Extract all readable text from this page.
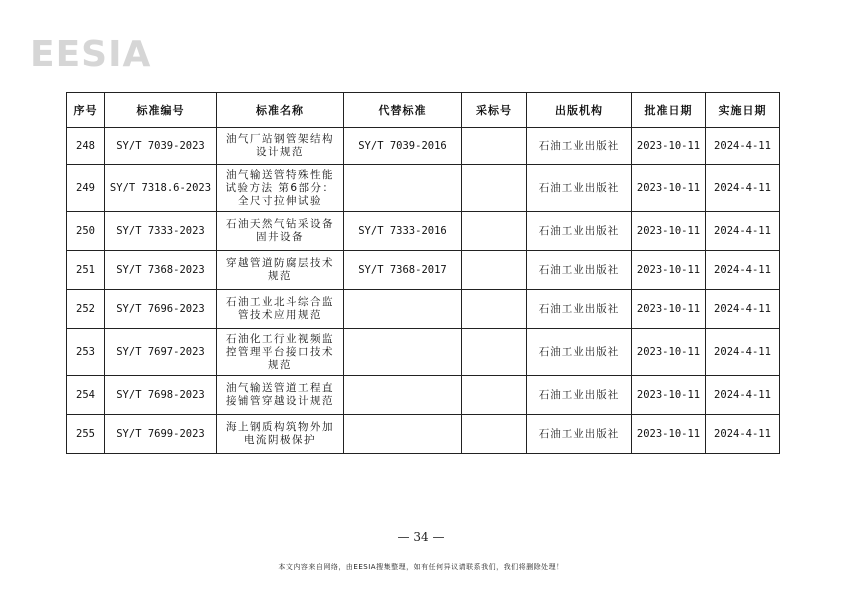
EESIA
序号	标准编号	标准名称	代替标准	采标号	出版机构	批准日期	实施日期
248	SY/T 7039-2023	油气厂站钢管架结构设计规范	SY/T 7039-2016		石油工业出版社	2023-10-11	2024-4-11
249	SY/T 7318.6-2023	油气输送管特殊性能试验方法 第6部分：全尺寸拉伸试验			石油工业出版社	2023-10-11	2024-4-11
250	SY/T 7333-2023	石油天然气钻采设备固井设备	SY/T 7333-2016		石油工业出版社	2023-10-11	2024-4-11
251	SY/T 7368-2023	穿越管道防腐层技术规范	SY/T 7368-2017		石油工业出版社	2023-10-11	2024-4-11
252	SY/T 7696-2023	石油工业北斗综合监管技术应用规范			石油工业出版社	2023-10-11	2024-4-11
253	SY/T 7697-2023	石油化工行业视频监控管理平台接口技术规范			石油工业出版社	2023-10-11	2024-4-11
254	SY/T 7698-2023	油气输送管道工程直接铺管穿越设计规范			石油工业出版社	2023-10-11	2024-4-11
255	SY/T 7699-2023	海上钢质构筑物外加电流阴极保护			石油工业出版社	2023-10-11	2024-4-11
— 34 —
本文内容来自网络，由EESIA搜集整理，如有任何异议请联系我们，我们将删除处理！
